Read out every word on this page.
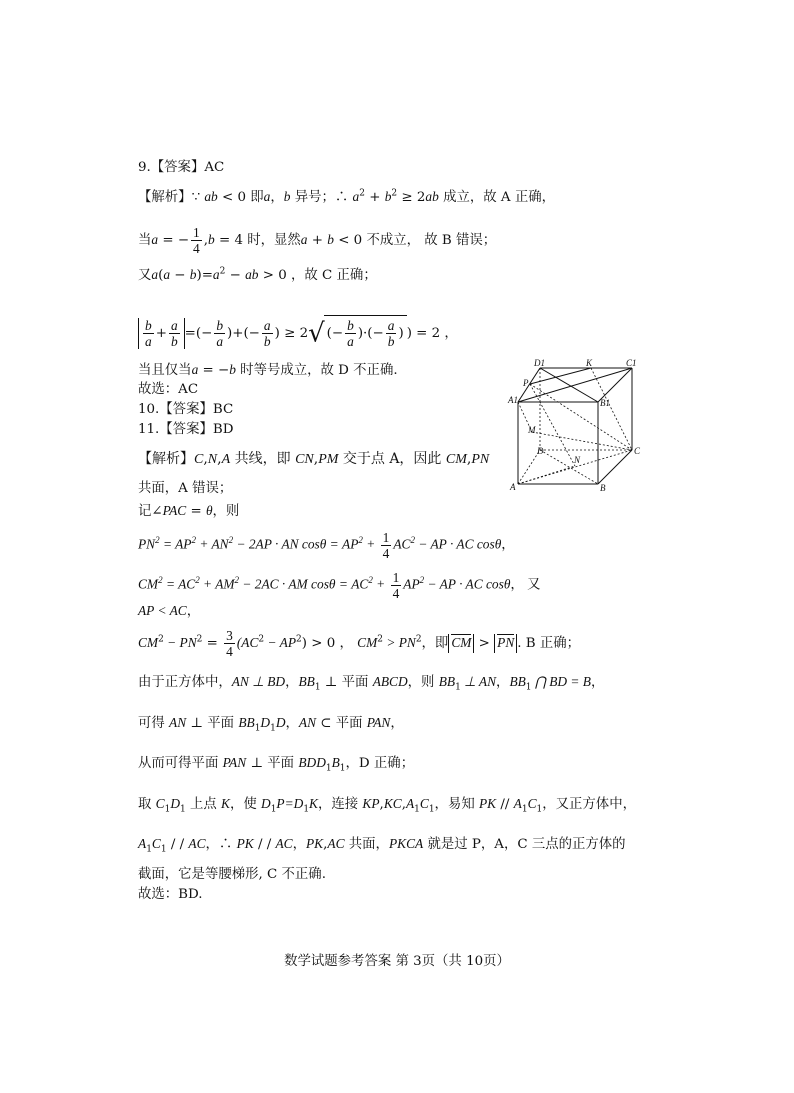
9.【答案】AC
【解析】∵ ab < 0 即a，b 异号；∴ $a^2 + b^2 \ge 2ab$ 成立，故 A 正确，
当a = − $\frac{1}{4} ,b = 4$ 时，显然a + b < 0 不成立， 故 B 错误；
又$a(a - b)=a^2$ − ab > 0 ，故 C 正确；
$\frac{b}{a} + \frac{a}{b}$ =(− $\frac{b}{a}$ )+(− $\frac{a}{b}$ ) ≥ 2√ (− $\frac{b}{a}$ )·(− $\frac{a}{b}$ ) ) = 2 ，
当且仅当a = −b 时等号成立，故 D 不正确.
故选：AC
10.【答案】BC
11.【答案】BD
【解析】C,N,A 共线，即 CN,PM 交于点 A，因此 CM,PN
共面，A 错误；
记∠PAC = θ，则
$PN^2 = AP^2 + AN^2 - 2AP$ · AN $\cos\theta = AP^2 + \frac{1}{4} AC^2$ − AP · AC cosθ，
$CM^2 = AC^2 + AM^2 - 2AC$ · AM $\cos\theta = AC^2 + \frac{1}{4} AP^2$ − AP · AC cosθ， 又
AP < AC，
$CM^2 - PN^2 = \frac{3}{4} (AC^2 - AP^2) > 0$ ， $CM^2 > PN^2$，即 CM > PN . B 正确；
由于正方体中，AN ⊥ BD，$BB_1$ ⊥ 平面 ABCD，则 $BB_1$ ⊥ AN，$BB_1$ ⋂ BD = B，
可得 AN ⊥ 平面 $BB_1D_1D$，AN ⊂ 平面 PAN，
从而可得平面 PAN ⊥ 平面 $BDD_1B_1$，D 正确；
取 $C_1D_1$ 上点 K，使 $D_1P=D_1K$，连接 $KP,KC,A_1C_1$，易知 PK // $A_1C_1$，又正方体中，
$A_1C_1$ / / AC，∴ PK / / AC，PK,AC 共面，PKCA 就是过 P，A，C 三点的正方体的
截面，它是等腰梯形, C 不正确.
故选：BD.
D1	K	C1
P
A1	B1
M
D
N
C
A	B
数学试题参考答案 第 3页（共 10页）
